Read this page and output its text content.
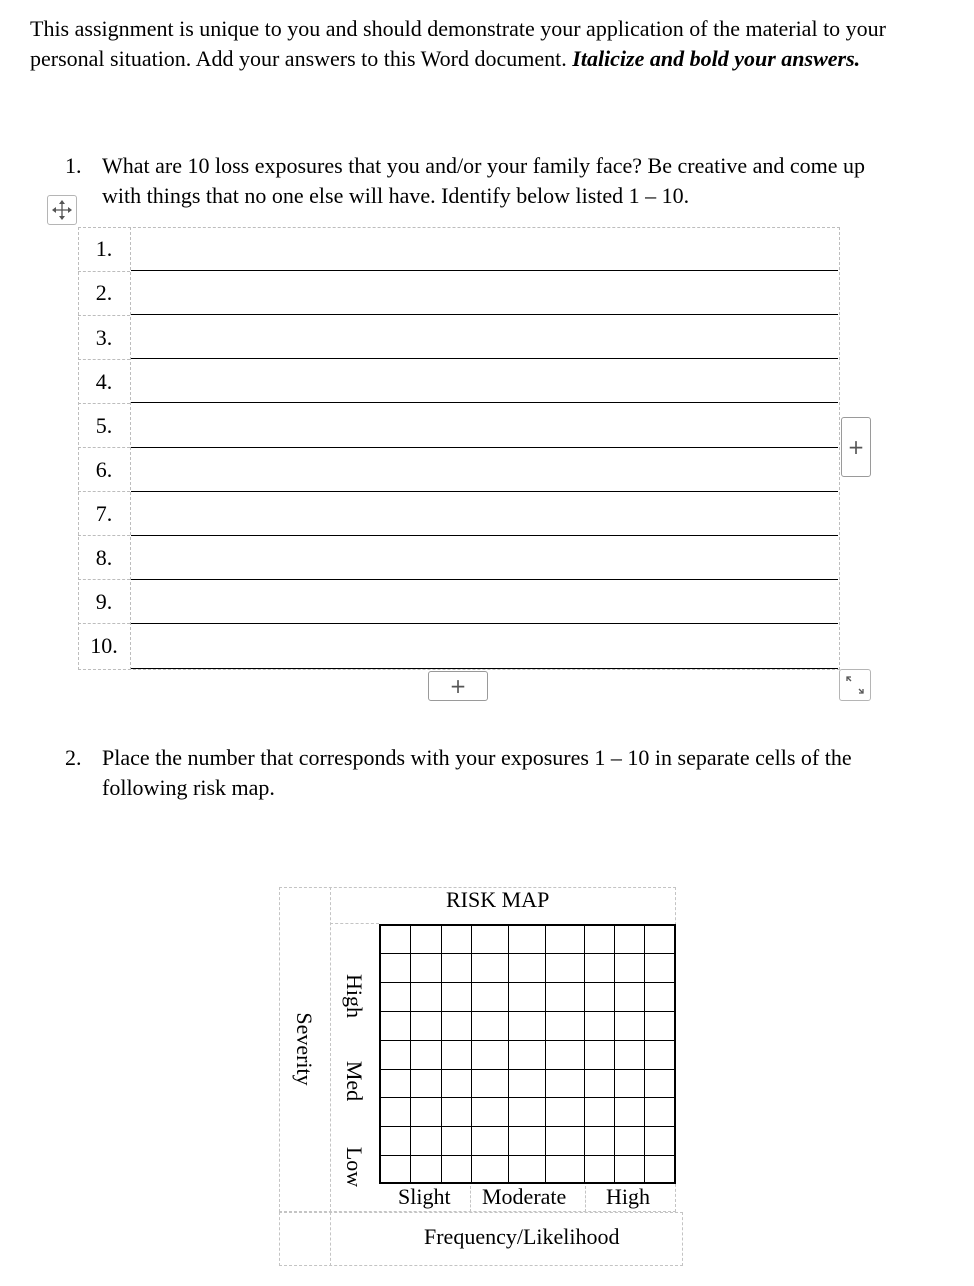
This assignment is unique to you and should demonstrate your application of the material to your personal situation. Add your answers to this Word document. Italicize and bold your answers.
1. What are 10 loss exposures that you and/or your family face? Be creative and come up with things that no one else will have. Identify below listed 1 – 10.
1.
2.
3.
4.
5.
6.
7.
8.
9.
10.
+
+
2. Place the number that corresponds with your exposures 1 – 10 in separate cells of the following risk map.
RISK MAP
Severity
High
Med
Low
Slight Moderate High
Frequency/Likelihood
